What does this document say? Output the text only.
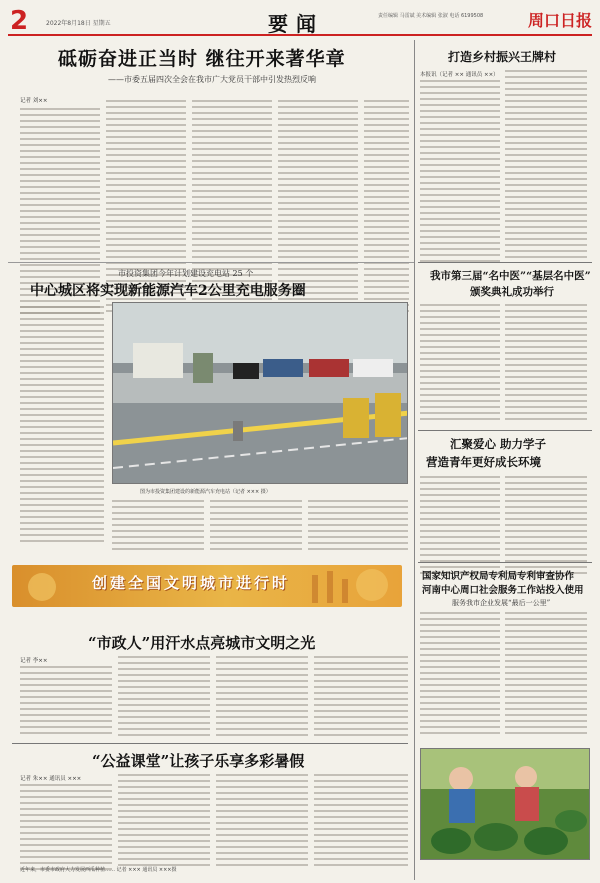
2	2022年8月18日 星期五	要闻	责任编辑 马雷斌 美术编辑 张淑 电话 6199508	周口日报
砥砺奋进正当时 继往开来著华章
——市委五届四次全会在我市广大党员干部中引发热烈反响
记者 刘××
打造乡村振兴王牌村
本报讯（记者 ×× 通讯员 ××）
我市第三届“名中医”“基层名中医”
颁奖典礼成功举行
市投资集团今年计划建设充电站 25 个
中心城区将实现新能源汽车2公里充电服务圈
图为市投资集团建设的新能源汽车充电站（记者 ××× 摄）
汇聚爱心 助力学子
营造青年更好成长环境
国家知识产权局专利局专利审查协作
河南中心周口社会服务工作站投入使用
服务我市企业发展“最后一公里”
创建全国文明城市进行时
“市政人”用汗水点亮城市文明之光
记者 李××
“公益课堂”让孩子乐享多彩暑假
记者 朱×× 通讯员 ×××
近年来，市委市政府大力发展西瓜种植…… 记者 ××× 通讯员 ×××摄
